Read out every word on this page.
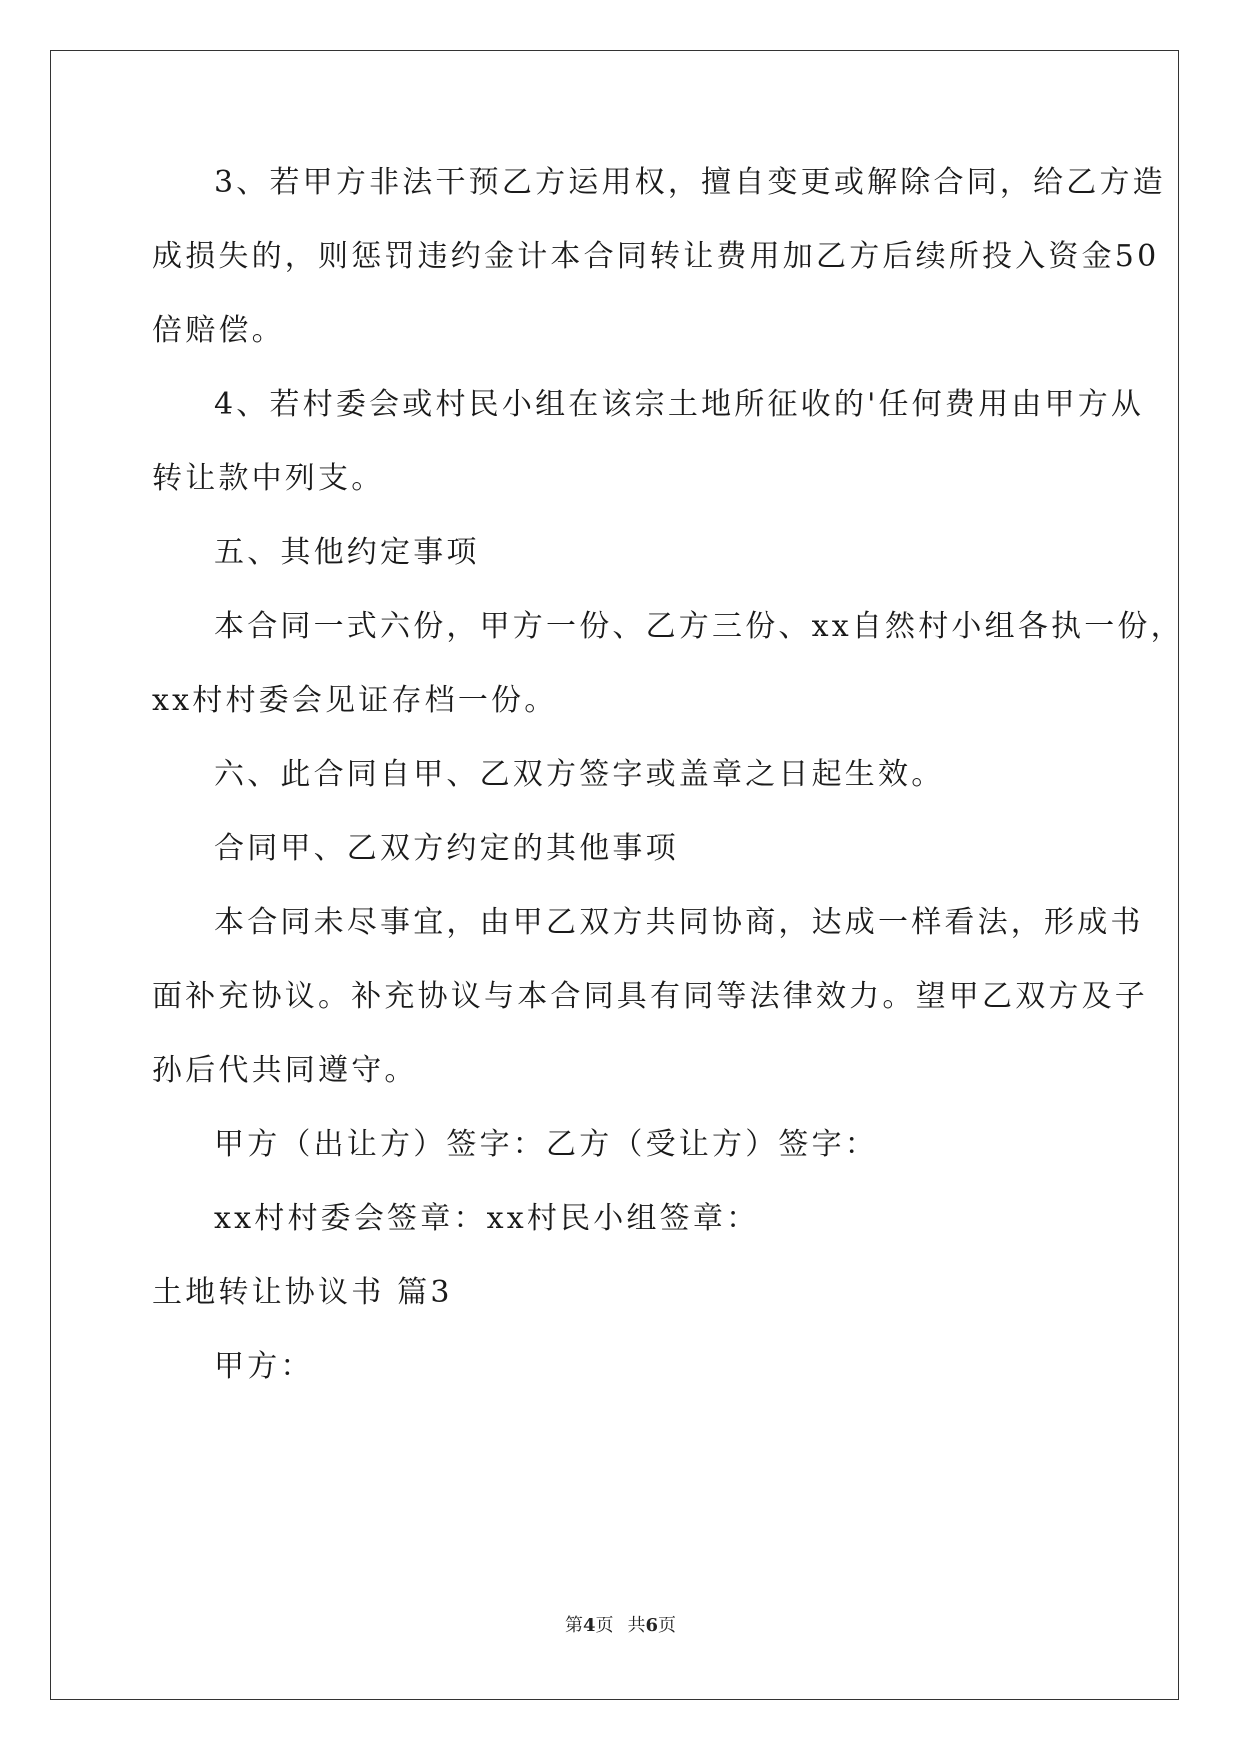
3、若甲方非法干预乙方运用权，擅自变更或解除合同，给乙方造
成损失的，则惩罚违约金计本合同转让费用加乙方后续所投入资金50
倍赔偿。
4、若村委会或村民小组在该宗土地所征收的'任何费用由甲方从
转让款中列支。
五、其他约定事项
本合同一式六份，甲方一份、乙方三份、xx自然村小组各执一份，
xx村村委会见证存档一份。
六、此合同自甲、乙双方签字或盖章之日起生效。
合同甲、乙双方约定的其他事项
本合同未尽事宜，由甲乙双方共同协商，达成一样看法，形成书
面补充协议。补充协议与本合同具有同等法律效力。望甲乙双方及子
孙后代共同遵守。
甲方（出让方）签字：乙方（受让方）签字：
xx村村委会签章：xx村民小组签章：
土地转让协议书 篇3
甲方：
第4页 共6页
